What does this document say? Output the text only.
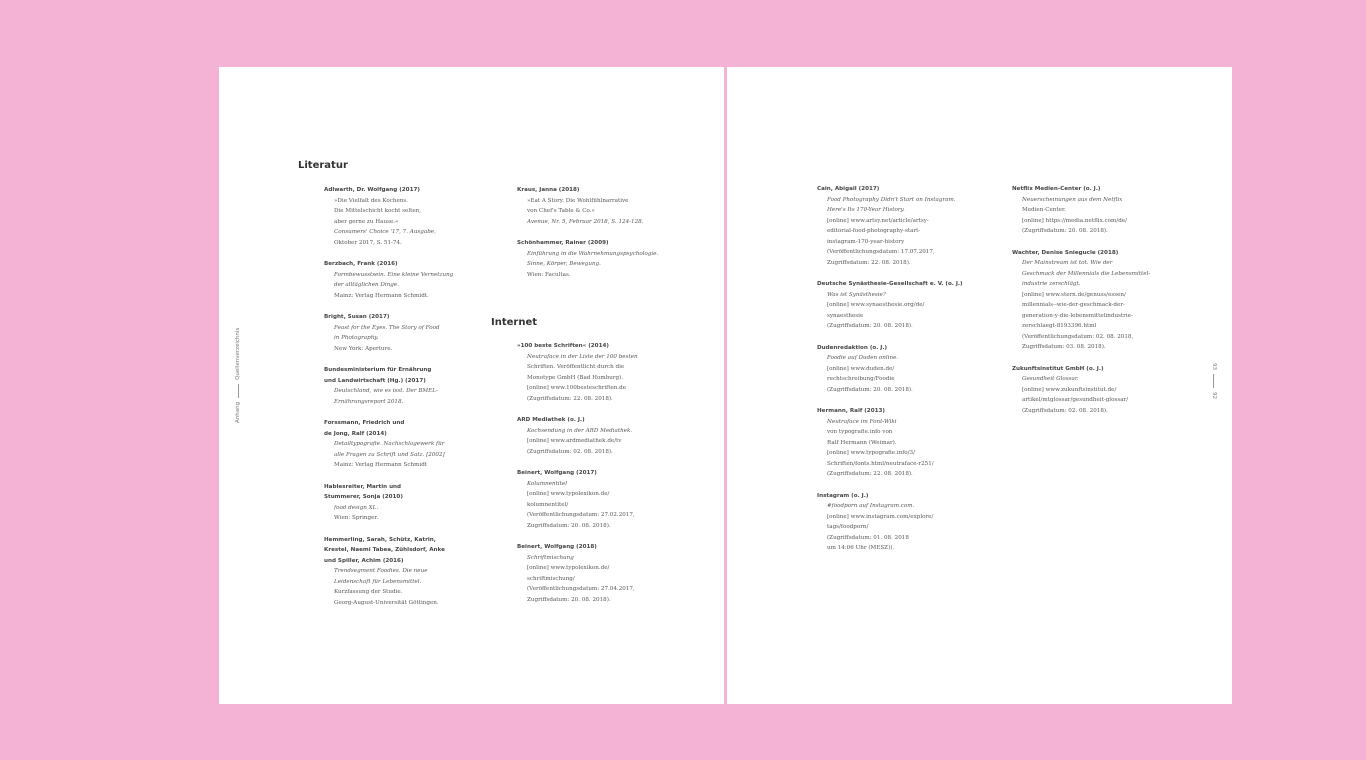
Anhang
Quellenverzeichnis
Literatur
Adlwarth, Dr. Wolfgang (2017)
»Die Vielfalt des Kochens.
Die Mittelschicht kocht selten,
aber gerne zu Hause.«
Consumers' Choice '17, 7. Ausgabe,
Oktober 2017, S. 51-74.
Berzbach, Frank (2016)
Formbewusstsein. Eine kleine Vernetzung
der alltäglichen Dinge.
Mainz: Verlag Hermann Schmidt.
Bright, Susan (2017)
Feast for the Eyes. The Story of Food
in Photography.
New York: Aperture.
Bundesministerium für Ernährung
und Landwirtschaft (Hg.) (2017)
Deutschland, wie es isst. Der BMEL-
Ernährungsreport 2018.
Forssmann, Friedrich und
de Jong, Ralf (2014)
Detailtypografie. Nachschlagewerk für
alle Fragen zu Schrift und Satz. [2002]
Mainz: Verlag Hermann Schmidt
Hablesreiter, Martin und
Stummerer, Sonja (2010)
food design XL.
Wien: Springer.
Hemmerling, Sarah, Schütz, Katrin,
Krestel, Naemi Tabea, Zühlsdorf, Anke
und Spiller, Achim (2016)
Trendsegment Foodies. Die neue
Leidenschaft für Lebensmittel.
Kurzfassung der Studie.
Georg-August-Universität Göttingen.
Kraus, Janna (2018)
»Eat A Story. Die Wohlfühlnarrative
von Chef's Table & Co.«
Avenue, Nr. 5, Februar 2018, S. 124-128.
Schönhammer, Rainer (2009)
Einführung in die Wahrnehmungspsychologie.
Sinne, Körper, Bewegung.
Wien: Facultas.
Internet
»100 beste Schriften« (2014)
Neutraface in der Liste der 100 besten
Schriften. Veröffentlicht durch die
Monotype GmbH (Bad Homburg).
[online] www.100besteschriften.de
(Zugriffsdatum: 22. 08. 2018).
ARD Mediathek (o. J.)
Kochsendung in der ARD Mediathek.
[online] www.ardmediathek.de/tv
(Zugriffsdatum: 02. 08. 2018).
Beinert, Wolfgang (2017)
Kolumnentitel
[online] www.typolexikon.de/
kolumnentitel/
(Veröffentlichungsdatum: 27.02.2017,
Zugriffsdatum: 20. 08. 2018).
Beinert, Wolfgang (2018)
Schriftmischung
[online] www.typolexikon.de/
schriftmischung/
(Veröffentlichungsdatum: 27.04.2017,
Zugriffsdatum: 20. 08. 2018).
Cain, Abigail (2017)
Food Photography Didn't Start on Instagram.
Here's Its 170-Year History.
[online] www.artsy.net/article/artsy-
editorial-food-photography-start-
instagram-170-year-history
(Veröffentlichungsdatum: 17.07.2017,
Zugriffsdatum: 22. 08. 2018).
Deutsche Synästhesie-Gesellschaft e. V. (o. J.)
Was ist Synästhesie?
[online] www.synaesthesie.org/de/
synaesthesie
(Zugriffsdatum: 20. 08. 2018).
Dudenredaktion (o. J.)
Foodie auf Duden online.
[online] www.duden.de/
rechtschreibung/Foodie
(Zugriffsdatum: 20. 08. 2018).
Hermann, Ralf (2013)
Neutraface im Font-Wiki
von typografie.info von
Ralf Hermann (Weimar).
[online] www.typografie.info/3/
Schriften/fonts.html/neutraface-r251/
(Zugriffsdatum: 22. 08. 2018).
Instagram (o. J.)
#foodporn auf Instagram.com.
[online] www.instagram.com/explore/
tags/foodporn/
(Zugriffsdatum: 01. 08. 2018
um 14:06 Uhr (MESZ)).
Netflix Medien-Center (o. J.)
Neuerscheinungen aus dem Netflix
Medien-Center.
[online] https://media.netflix.com/de/
(Zugriffsdatum: 20. 08. 2018).
Wachter, Denise Sniegucle (2018)
Der Mainstream ist tot. Wie der
Geschmack der Millennials die Lebensmittel-
industrie zerschlägt.
[online] www.stern.de/genuss/essen/
millennials--wie-der-geschmack-der-
generation-y-die-lebensmittelindustrie-
zerschlaegt-8193396.html
(Veröffentlichungsdatum: 02. 08. 2018,
Zugriffsdatum: 03. 08. 2018).
Zukunftsinstitut GmbH (o. J.)
Gesundheit Glossar.
[online] www.zukunftsinstitut.de/
artikel/mtglossar/gesundheit-glossar/
(Zugriffsdatum: 02. 08. 2018).
93
92
